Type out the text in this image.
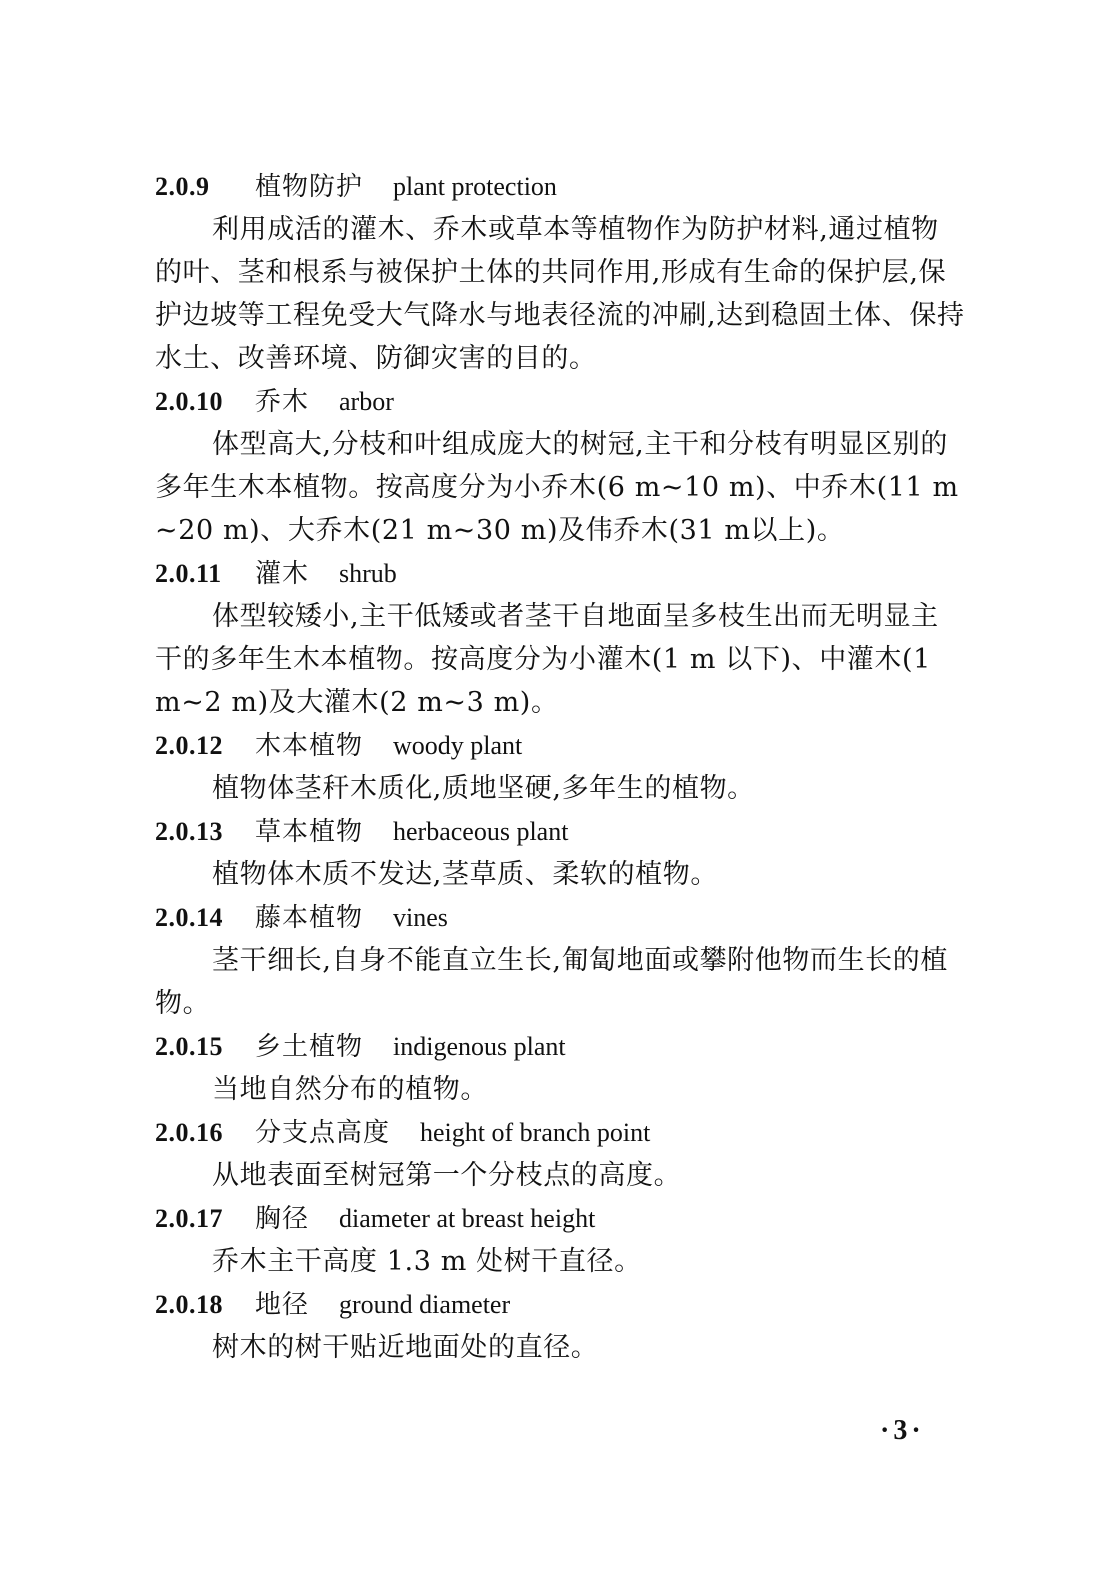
2.0.9	植物防护 plant protection

利用成活的灌木、乔木或草本等植物作为防护材料,通过植物的叶、茎和根系与被保护土体的共同作用,形成有生命的保护层,保护边坡等工程免受大气降水与地表径流的冲刷,达到稳固土体、保持水土、改善环境、防御灾害的目的。

2.0.10	乔木 arbor

体型高大,分枝和叶组成庞大的树冠,主干和分枝有明显区别的多年生木本植物。按高度分为小乔木(6 m~10 m)、中乔木(11 m~20 m)、大乔木(21 m~30 m)及伟乔木(31 m以上)。

2.0.11	灌木 shrub

体型较矮小,主干低矮或者茎干自地面呈多枝生出而无明显主干的多年生木本植物。按高度分为小灌木(1 m 以下)、中灌木(1 m~2 m)及大灌木(2 m~3 m)。

2.0.12	木本植物 woody plant

植物体茎秆木质化,质地坚硬,多年生的植物。

2.0.13	草本植物 herbaceous plant

植物体木质不发达,茎草质、柔软的植物。

2.0.14	藤本植物 vines

茎干细长,自身不能直立生长,匍匐地面或攀附他物而生长的植物。

2.0.15	乡土植物 indigenous plant

当地自然分布的植物。

2.0.16	分支点高度 height of branch point

从地表面至树冠第一个分枝点的高度。

2.0.17	胸径 diameter at breast height

乔木主干高度 1.3 m 处树干直径。

2.0.18	地径 ground diameter

树木的树干贴近地面处的直径。

·3·
